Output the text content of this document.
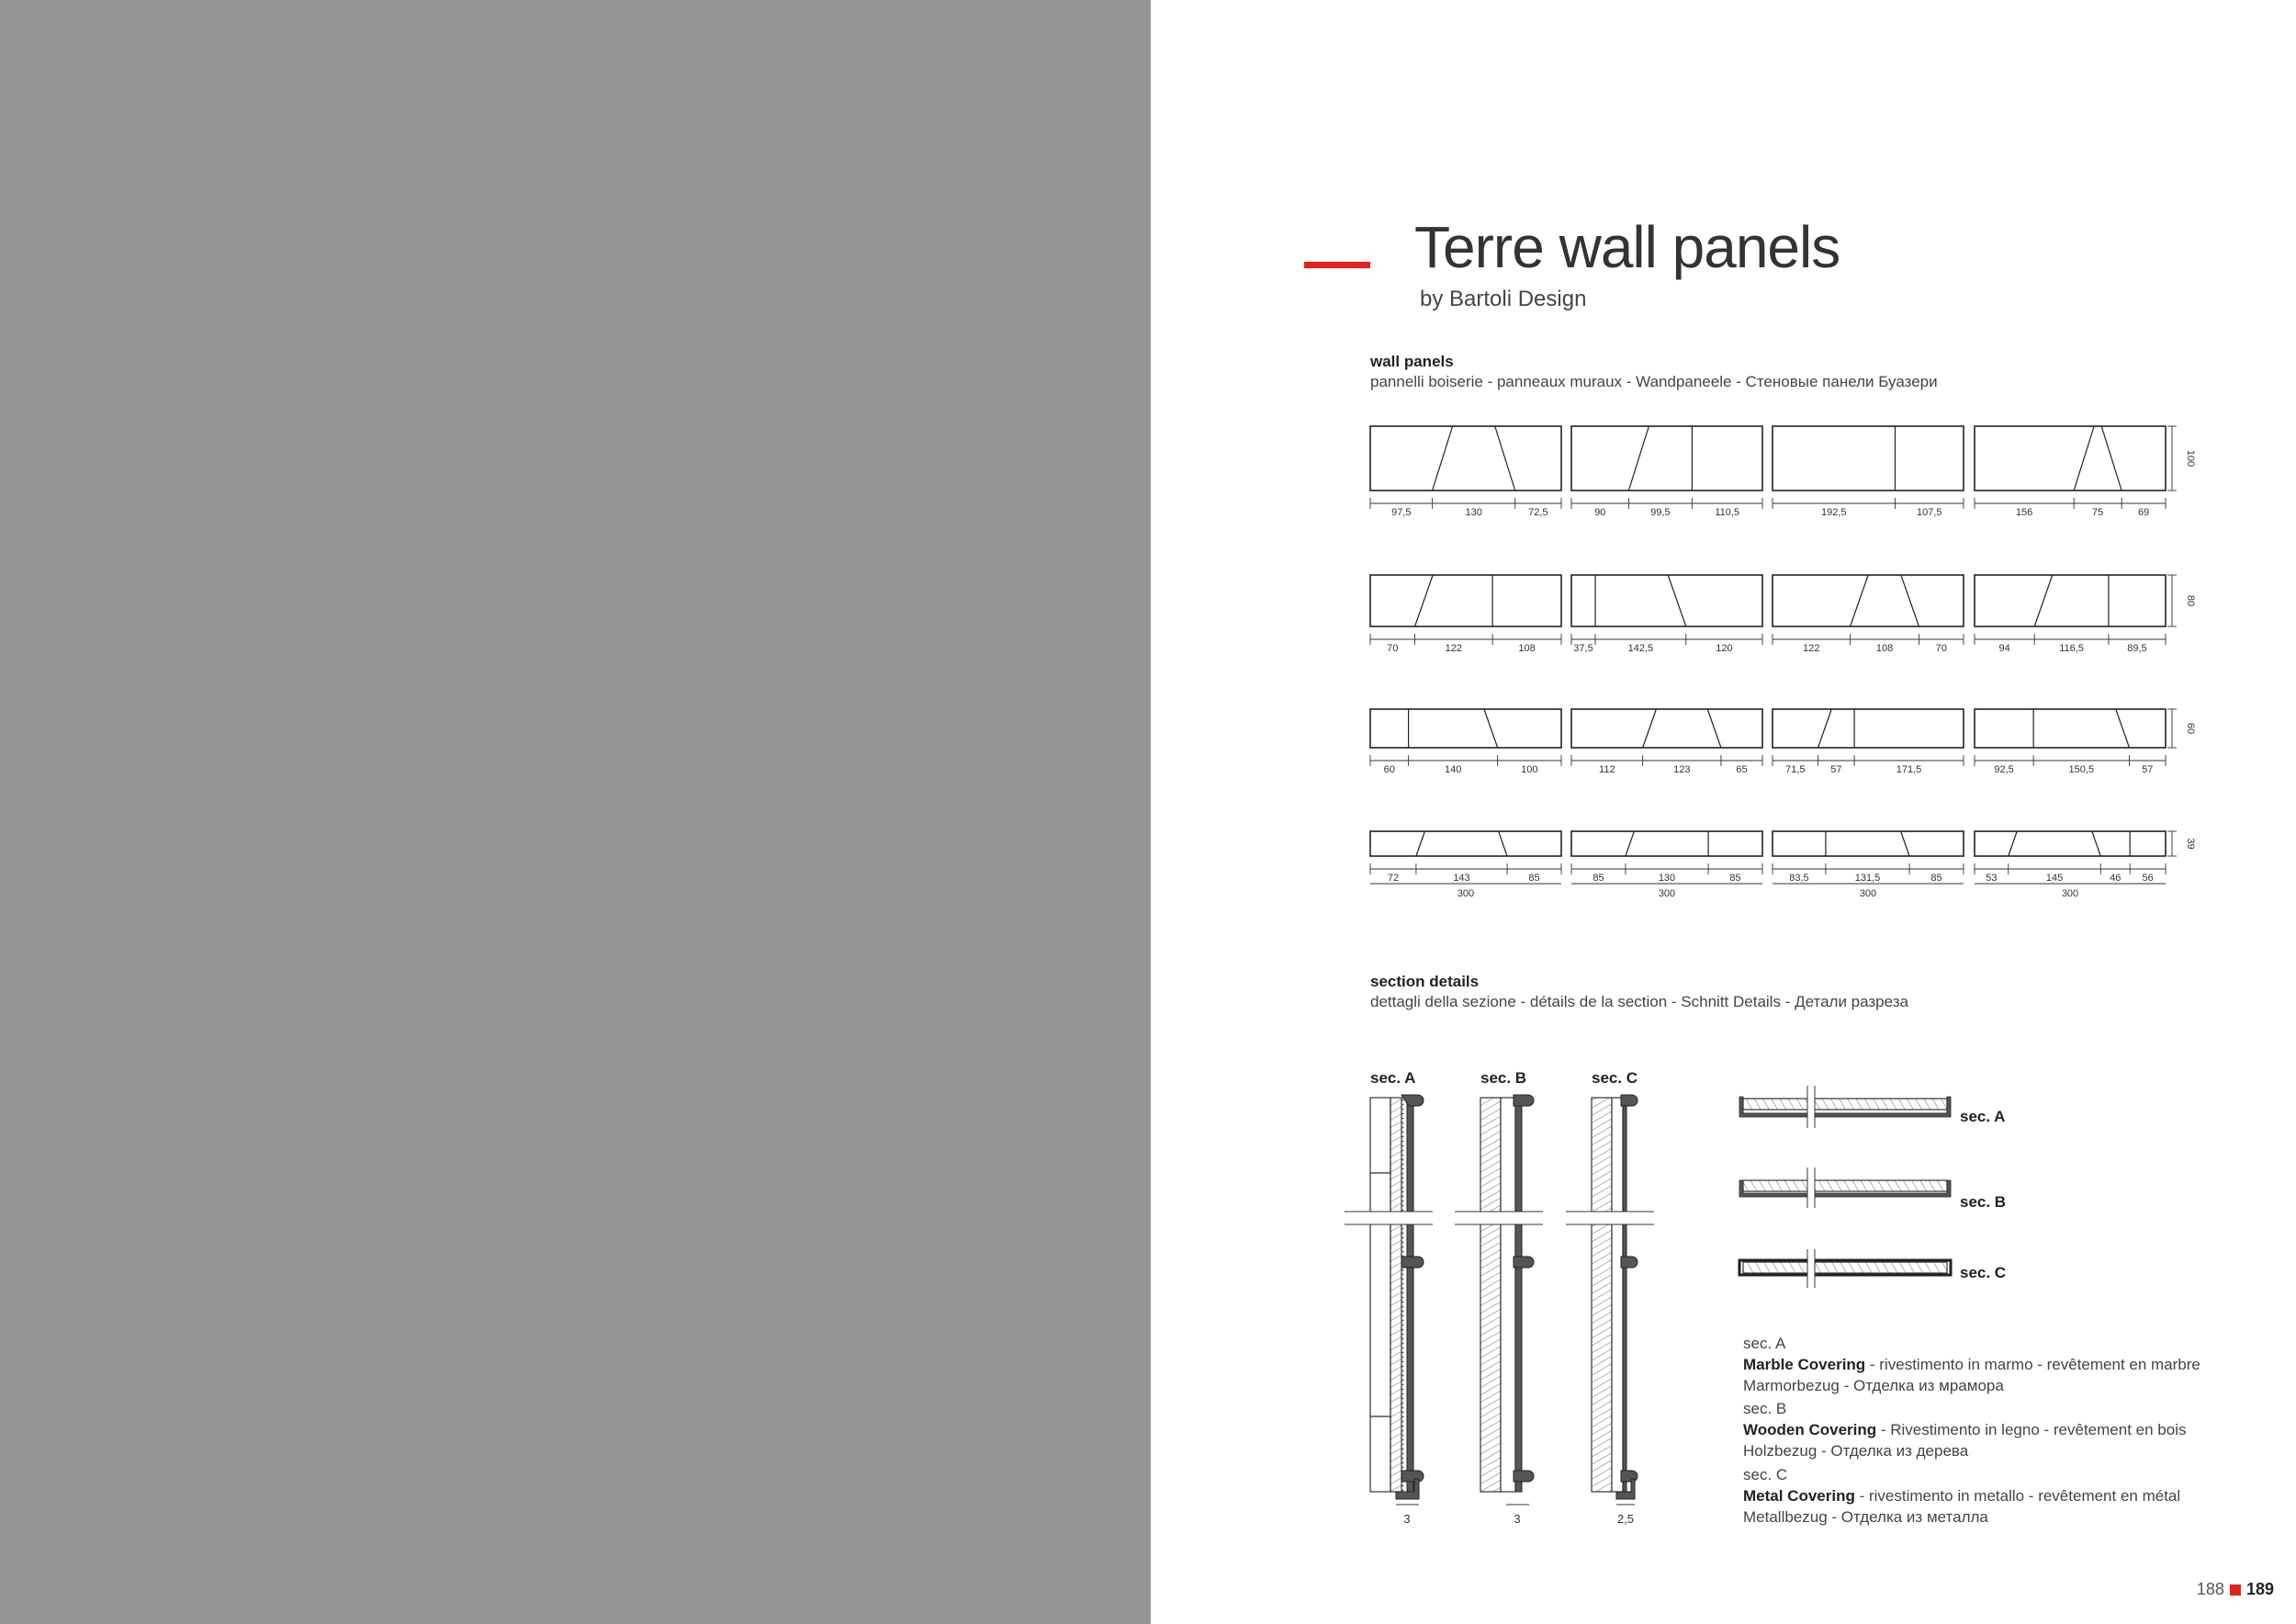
Terre wall panels
by Bartoli Design
wall panels
pannelli boiserie - panneaux muraux - Wandpaneele - Стеновые панели Буазери
section details
dettagli della sezione - détails de la section - Schnitt Details - Детали разреза
sec. A	sec. B	sec. C
sec. A
sec. B
sec. C
sec. A
Marble Covering - rivestimento in marmo - revêtement en marbre
Marmorbezug - Отделка из мрамора
sec. B
Wooden Covering - Rivestimento in legno - revêtement en bois
Holzbezug - Отделка из дерева
sec. C
Metal Covering - rivestimento in metallo - revêtement en métal
Metallbezug - Отделка из металла
188 189
97,5	130	72,5	90	99,5	110,5	192,5	107,5	156	75	69
100
70	122	108	37,5	142,5	120	122	108	70	94	116,5	89,5
80
60	140	100	112	123	65	71,5	57	171,5	92,5	150,5	57
60
72	143	85
300
85	130	85
300
83,5	131,5	85
300
53	145	46 56
300
39
3	3	2,5
